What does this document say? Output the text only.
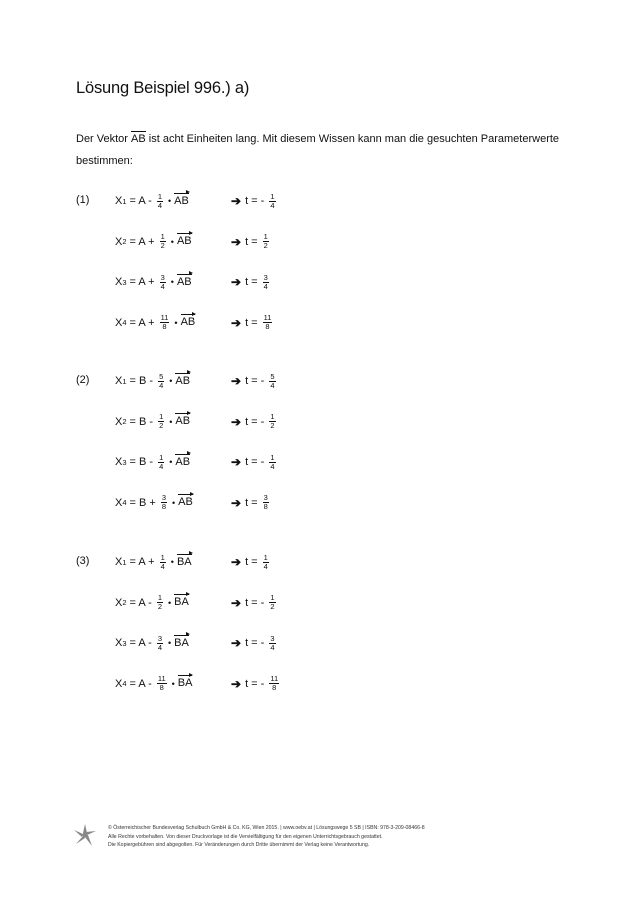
Lösung Beispiel 996.) a)
Der Vektor AB ist acht Einheiten lang. Mit diesem Wissen kann man die gesuchten Parameterwerte
bestimmen:
(1) X $1 = A - \frac{1}{4}$ • AB	➔ t = - $\frac{1}{4}$
X $2 = A + \frac{1}{2}$ • AB	➔ $t = \frac{1}{2}$
X $3 = A + \frac{3}{4}$ • AB	➔ $t = \frac{3}{4}$
X $4 = A + \frac{11}{8}$ • AB	➔ $t = \frac{11}{8}$
(2) X $1 = B - \frac{5}{4}$ • AB	➔ t = - $\frac{5}{4}$
X $2 = B - \frac{1}{2}$ • AB	➔ t = - $\frac{1}{2}$
X $3 = B - \frac{1}{4}$ • AB	➔ t = - $\frac{1}{4}$
X $4 = B + \frac{3}{8}$ • AB	➔ $t = \frac{3}{8}$
(3) X $1 = A + \frac{1}{4}$ • BA	➔ $t = \frac{1}{4}$
X $2 = A - \frac{1}{2}$ • BA	➔ t = - $\frac{1}{2}$
X $3 = A - \frac{3}{4}$ • BA	➔ t = - $\frac{3}{4}$
X $4 = A - \frac{11}{8}$ • BA	➔ t = - $\frac{11}{8}$
© Österreichischer Bundesverlag Schulbuch GmbH & Co. KG, Wien 2015. | www.oebv.at | Lösungswege 5 SB | ISBN: 978-3-209-08466-8
Alle Rechte vorbehalten. Von dieser Druckvorlage ist die Vervielfältigung für den eigenen Unterrichtsgebrauch gestattet.
Die Kopiergebühren sind abgegolten. Für Veränderungen durch Dritte übernimmt der Verlag keine Verantwortung.
